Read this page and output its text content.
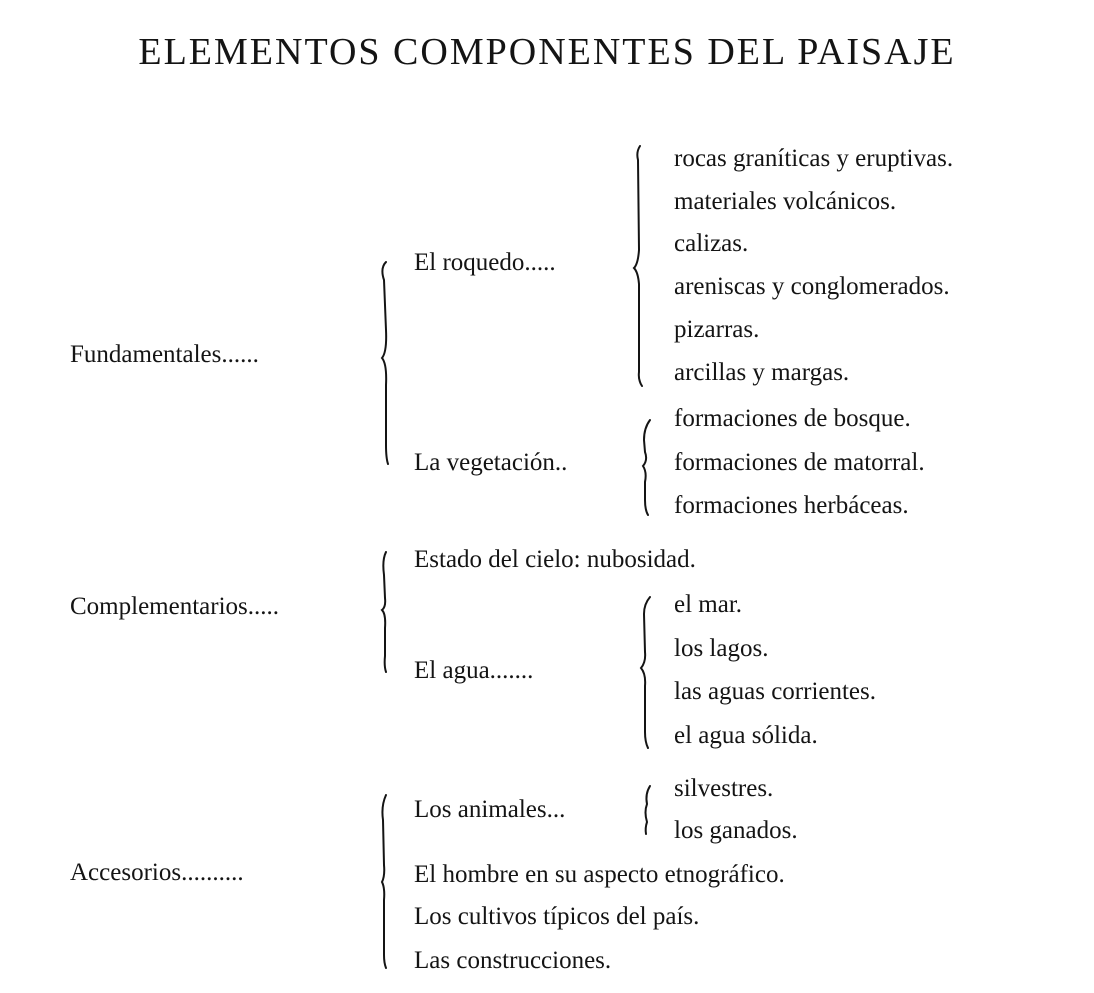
ELEMENTOS COMPONENTES DEL PAISAJE
Fundamentales......
El roquedo.....
La vegetación..
rocas graníticas y eruptivas.
materiales volcánicos.
calizas.
areniscas y conglomerados.
pizarras.
arcillas y margas.
formaciones de bosque.
formaciones de matorral.
formaciones herbáceas.
Complementarios.....
Estado del cielo: nubosidad.
El agua.......
el mar.
los lagos.
las aguas corrientes.
el agua sólida.
Accesorios..........
Los animales...
silvestres.
los ganados.
El hombre en su aspecto etnográfico.
Los cultivos típicos del país.
Las construcciones.
